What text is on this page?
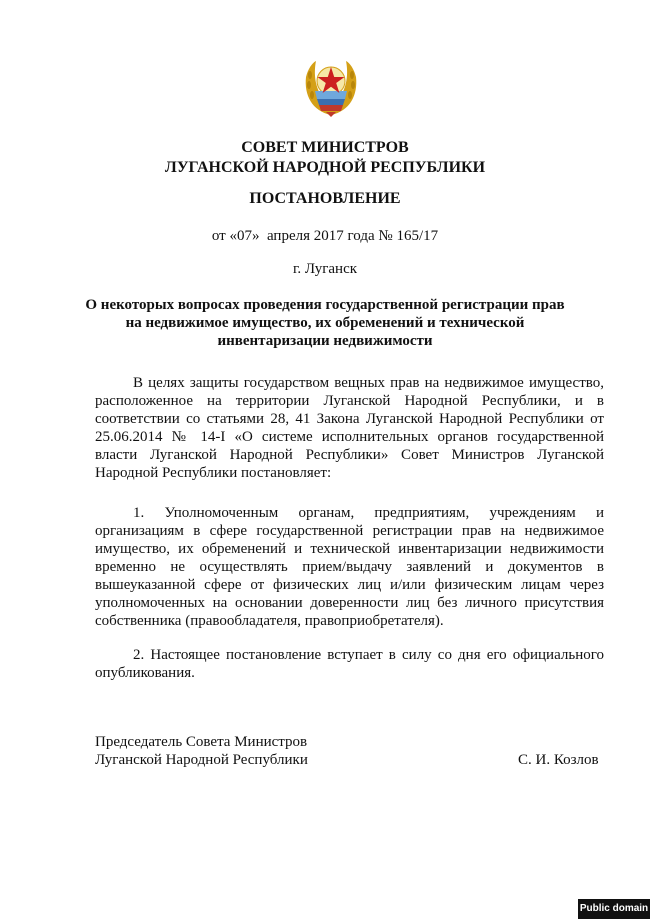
СОВЕТ МИНИСТРОВ
ЛУГАНСКОЙ НАРОДНОЙ РЕСПУБЛИКИ
ПОСТАНОВЛЕНИЕ
от «07»  апреля 2017 года № 165/17
г. Луганск
О некоторых вопросах проведения государственной регистрации прав
на недвижимое имущество, их обременений и технической
инвентаризации недвижимости

В целях защиты государством вещных прав на недвижимое имущество, расположенное на территории Луганской Народной Республики, и в соответствии со статьями 28, 41 Закона Луганской Народной Республики от 25.06.2014 № 14-I «О системе исполнительных органов государственной власти Луганской Народной Республики» Совет Министров Луганской Народной Республики постановляет:

1. Уполномоченным органам, предприятиям, учреждениям и организациям в сфере государственной регистрации прав на недвижимое имущество, их обременений и технической инвентаризации недвижимости временно не осуществлять прием/выдачу заявлений и документов в вышеуказанной сфере от физических лиц и/или физическим лицам через уполномоченных на основании доверенности лиц без личного присутствия собственника (правообладателя, правоприобретателя).

2. Настоящее постановление вступает в силу со дня его официального опубликования.

Председатель Совета Министров
Луганской Народной Республики	С. И. Козлов
Public domain
